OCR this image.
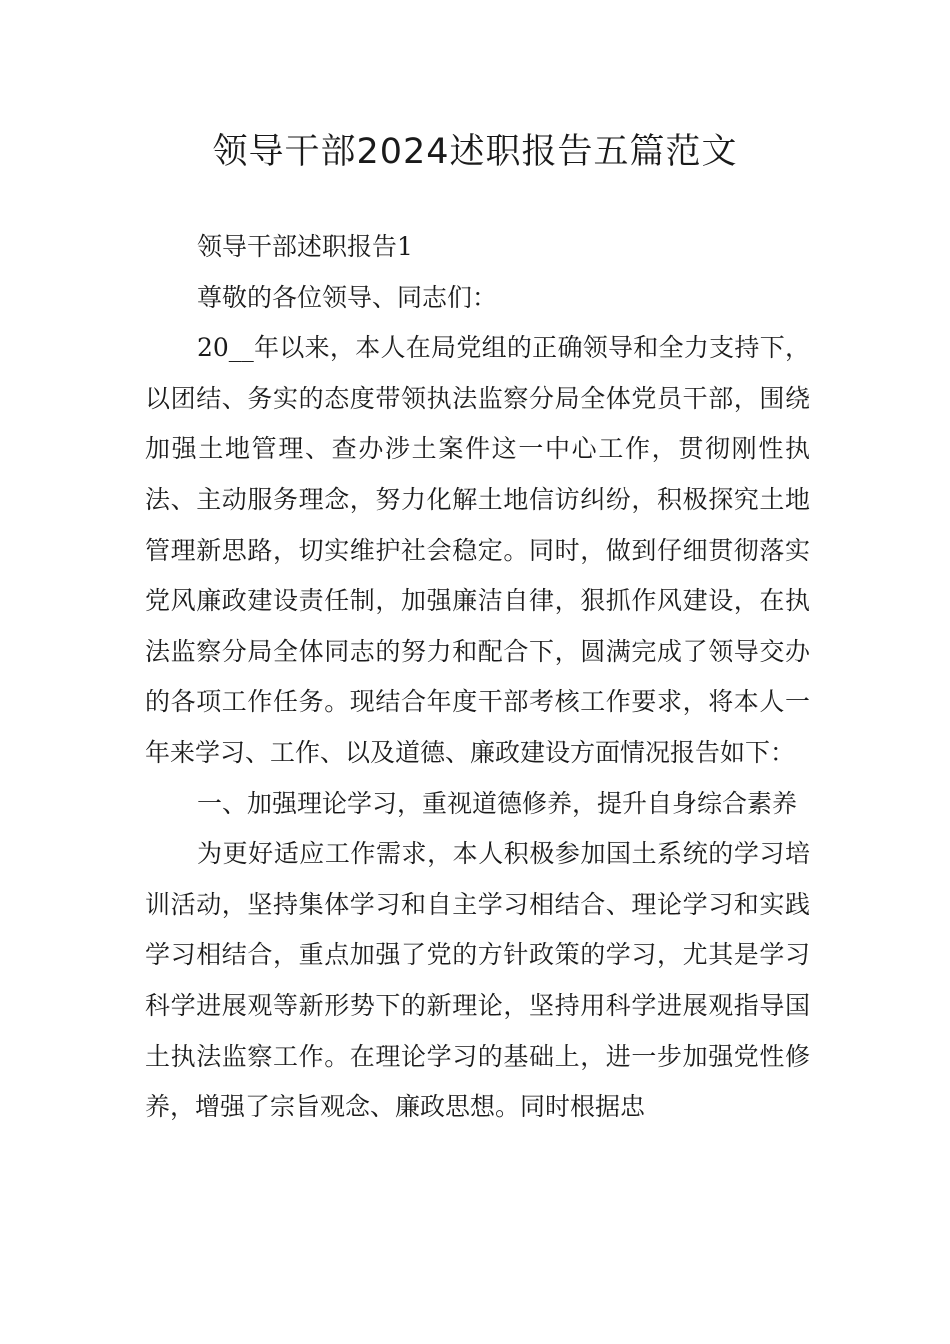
领导干部2024述职报告五篇范文

领导干部述职报告1

尊敬的各位领导、同志们：

20__年以来，本人在局党组的正确领导和全力支持下，以团结、务实的态度带领执法监察分局全体党员干部，围绕加强土地管理、查办涉土案件这一中心工作，贯彻刚性执法、主动服务理念，努力化解土地信访纠纷，积极探究土地管理新思路，切实维护社会稳定。同时，做到仔细贯彻落实党风廉政建设责任制，加强廉洁自律，狠抓作风建设，在执法监察分局全体同志的努力和配合下，圆满完成了领导交办的各项工作任务。现结合年度干部考核工作要求，将本人一年来学习、工作、以及道德、廉政建设方面情况报告如下：

一、加强理论学习，重视道德修养，提升自身综合素养

为更好适应工作需求，本人积极参加国土系统的学习培训活动，坚持集体学习和自主学习相结合、理论学习和实践学习相结合，重点加强了党的方针政策的学习，尤其是学习科学进展观等新形势下的新理论，坚持用科学进展观指导国土执法监察工作。在理论学习的基础上，进一步加强党性修养，增强了宗旨观念、廉政思想。同时根据忠
